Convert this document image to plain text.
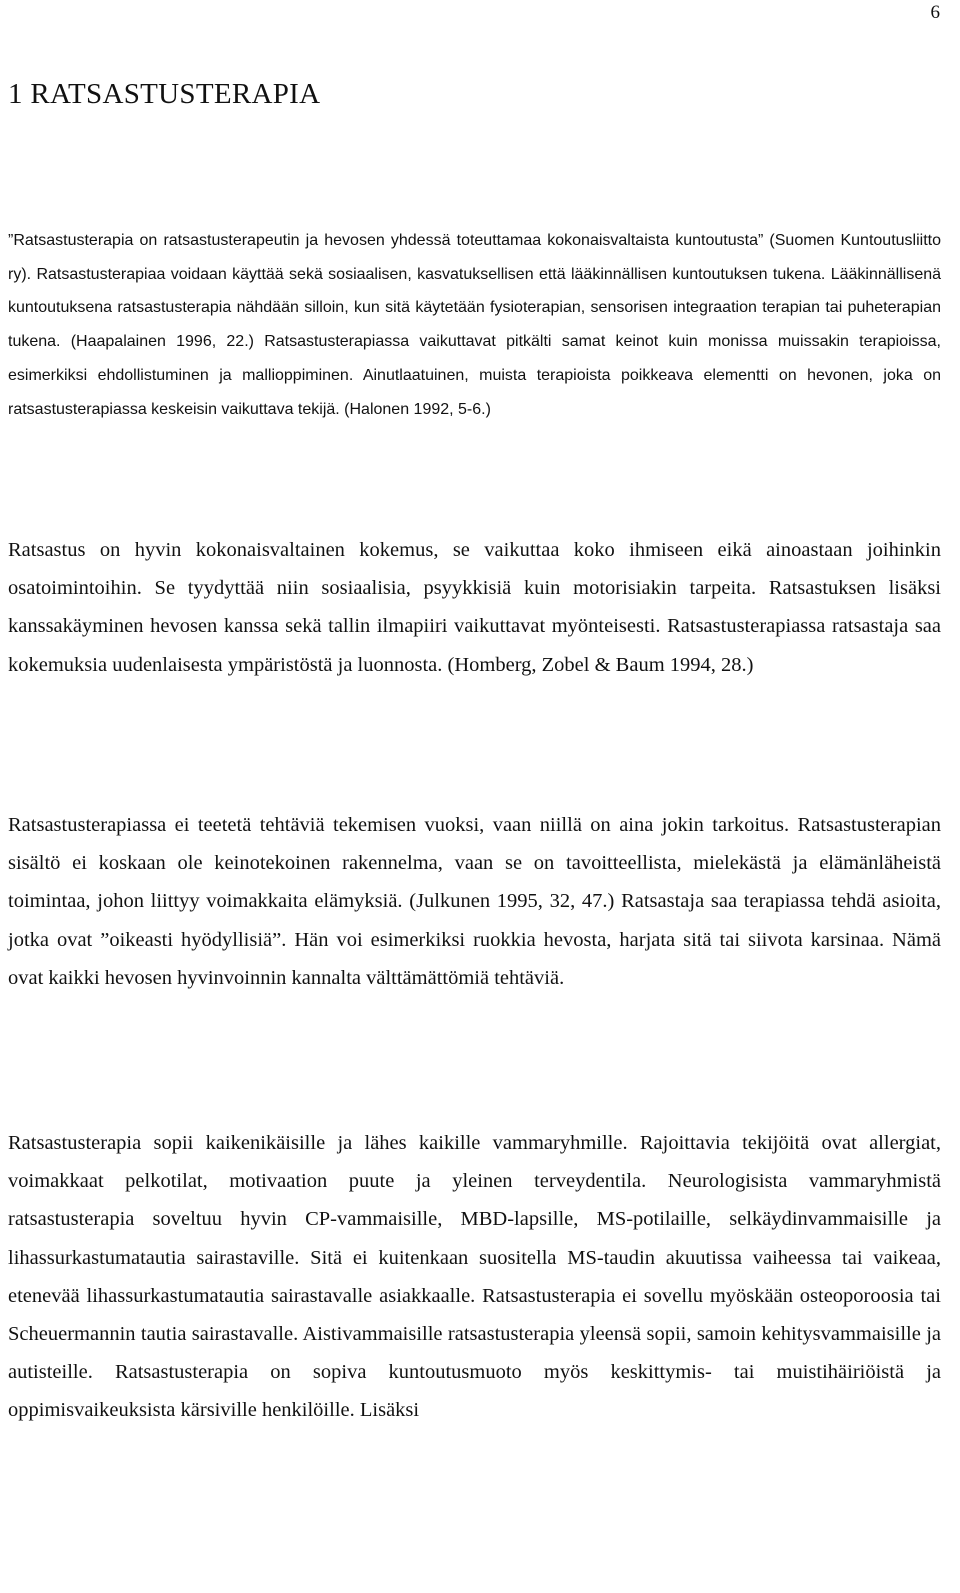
6
1 RATSASTUSTERAPIA

”Ratsastusterapia on ratsastusterapeutin ja hevosen yhdessä toteuttamaa kokonaisvaltaista kuntoutusta” (Suomen Kuntoutusliitto ry). Ratsastusterapiaa voidaan käyttää sekä sosiaalisen, kasvatuksellisen että lääkinnällisen kuntoutuksen tukena. Lääkinnällisenä kuntoutuksena ratsastusterapia nähdään silloin, kun sitä käytetään fysioterapian, sensorisen integraation terapian tai puheterapian tukena. (Haapalainen 1996, 22.) Ratsastusterapiassa vaikuttavat pitkälti samat keinot kuin monissa muissakin terapioissa, esimerkiksi ehdollistuminen ja mallioppiminen. Ainutlaatuinen, muista terapioista poikkeava elementti on hevonen, joka on ratsastusterapiassa keskeisin vaikuttava tekijä. (Halonen 1992, 5-6.)

Ratsastus on hyvin kokonaisvaltainen kokemus, se vaikuttaa koko ihmiseen eikä ainoastaan joihinkin osatoimintoihin. Se tyydyttää niin sosiaalisia, psyykkisiä kuin motorisiakin tarpeita. Ratsastuksen lisäksi kanssakäyminen hevosen kanssa sekä tallin ilmapiiri vaikuttavat myönteisesti. Ratsastusterapiassa ratsastaja saa kokemuksia uudenlaisesta ympäristöstä ja luonnosta. (Homberg, Zobel & Baum 1994, 28.)

Ratsastusterapiassa ei teetetä tehtäviä tekemisen vuoksi, vaan niillä on aina jokin tarkoitus. Ratsastusterapian sisältö ei koskaan ole keinotekoinen rakennelma, vaan se on tavoitteellista, mielekästä ja elämänläheistä toimintaa, johon liittyy voimakkaita elämyksiä. (Julkunen 1995, 32, 47.) Ratsastaja saa terapiassa tehdä asioita, jotka ovat ”oikeasti hyödyllisiä”. Hän voi esimerkiksi ruokkia hevosta, harjata sitä tai siivota karsinaa. Nämä ovat kaikki hevosen hyvinvoinnin kannalta välttämättömiä tehtäviä.

Ratsastusterapia sopii kaikenikäisille ja lähes kaikille vammaryhmille. Rajoittavia tekijöitä ovat allergiat, voimakkaat pelkotilat, motivaation puute ja yleinen terveydentila. Neurologisista vammaryhmistä ratsastusterapia soveltuu hyvin CP-vammaisille, MBD-lapsille, MS-potilaille, selkäydinvammaisille ja lihassurkastumatautia sairastaville. Sitä ei kuitenkaan suositella MS-taudin akuutissa vaiheessa tai vaikeaa, etenevää lihassurkastumatautia sairastavalle asiakkaalle. Ratsastusterapia ei sovellu myöskään osteoporoosia tai Scheuermannin tautia sairastavalle. Aistivammaisille ratsastusterapia yleensä sopii, samoin kehitysvammaisille ja autisteille. Ratsastusterapia on sopiva kuntoutusmuoto myös keskittymis- tai muistihäiriöistä ja oppimisvaikeuksista kärsiville henkilöille. Lisäksi
